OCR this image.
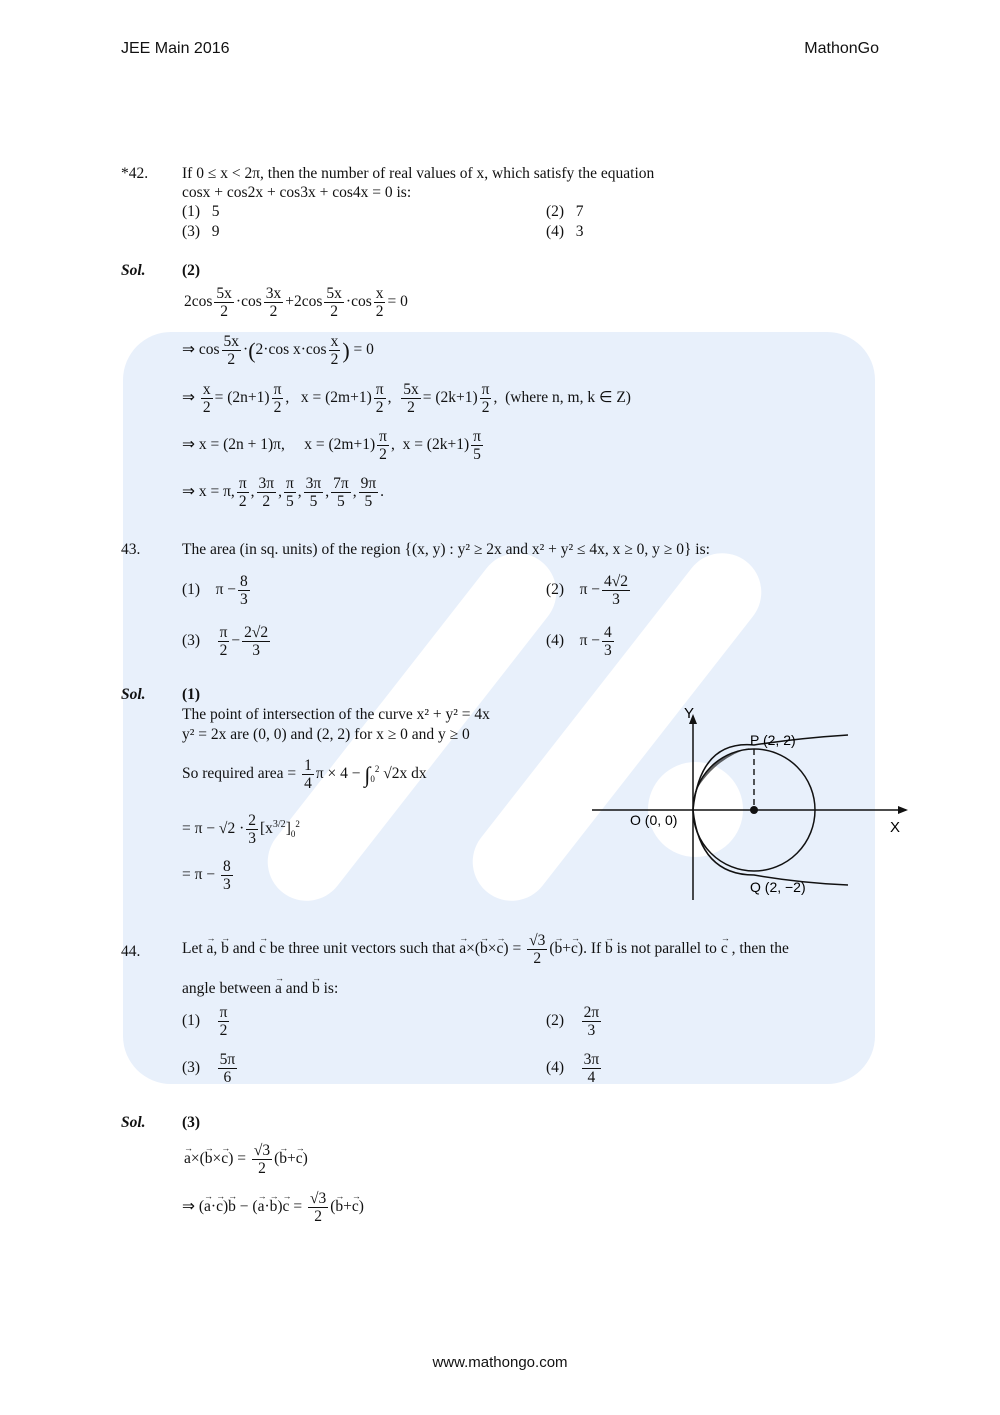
JEE Main 2016	MathonGo
www.mathongo.com
*42. If 0 ≤ x < 2π, then the number of real values of x, which satisfy the equation
cosx + cos2x + cos3x + cos4x = 0 is:
(1) 5	(2) 7
(3) 9	(4) 3
Sol. (2)
$2\cos \frac{5x}{2} \cdot\cos \frac{3x}{2} +2\cos \frac{5x}{2} \cdot\cos \frac{x}{2} = 0$
⇒ $\cos \frac{5x}{2} \cdot(2\cdot\cos$ $x\cdot\cos \frac{x}{2}$ ) = 0
⇒ $\frac{x}{2} = (2n+1) \frac{\pi}{2}$ ,   $x = (2m+1) \frac{\pi}{2}$ , $\frac{5x}{2} = (2k+1) \frac{\pi}{2}$ ,  (where n, m, k ∈ Z)
⇒ x = (2n + 1)π,     $x = (2m+1) \frac{\pi}{2}$ ,  $x = (2k+1) \frac{\pi}{5}$
⇒ x = π, $\frac{\pi}{2}$ , $\frac{3\pi}{2}$ , $\frac{\pi}{5}$ , $\frac{3\pi}{5}$ , $\frac{7\pi}{5}$ , $\frac{9\pi}{5}$ .
43.	The area (in sq. units) of the region {(x, y) : y² ≥ 2x and x² + y² ≤ 4x, x ≥ 0, y ≥ 0} is:
(1)    $\pi - \frac{8}{3}$	(2)    $\pi - \frac{4√2}{3}$
$(3) \frac{\pi}{2} - \frac{2√2}{3}$	(4)    $\pi - \frac{4}{3}$
Sol. (1)
The point of intersection of the curve x² + y² = 4x
y² = 2x are (0, 0) and (2, 2) for x ≥ 0 and y ≥ 0
So required area = $\frac{1}{4}$ $\pi \times 4 - \int_0^2$ √2x dx
= $\pi - √2 \cdot \frac{2}{3} [x^{3/2}]_0^2$
= $\pi - \frac{8}{3}$
Y
X
O (0, 0)
P (2, 2)
Q (2, −2)
44.	Let → a, → b and → c be three unit vectors such that → $a\times(\to b\times\to c) = \frac{√3}{2}$ (→ b+→ c). If → b is not parallel to → c , then the
angle between → a and → b is:
$(1) \frac{\pi}{2}$	$(2) \frac{2\pi}{3}$
$(3) \frac{5\pi}{6}$	$(4) \frac{3\pi}{4}$
Sol. (3)
→ $a\times(\to b\times\to c) = \frac{√3}{2}$ (→ b+→ c)
⇒ (→ a·→ c)→ b − (→ $a\cdot\to b)\to c = \frac{√3}{2}$ (→ b+→ c)
